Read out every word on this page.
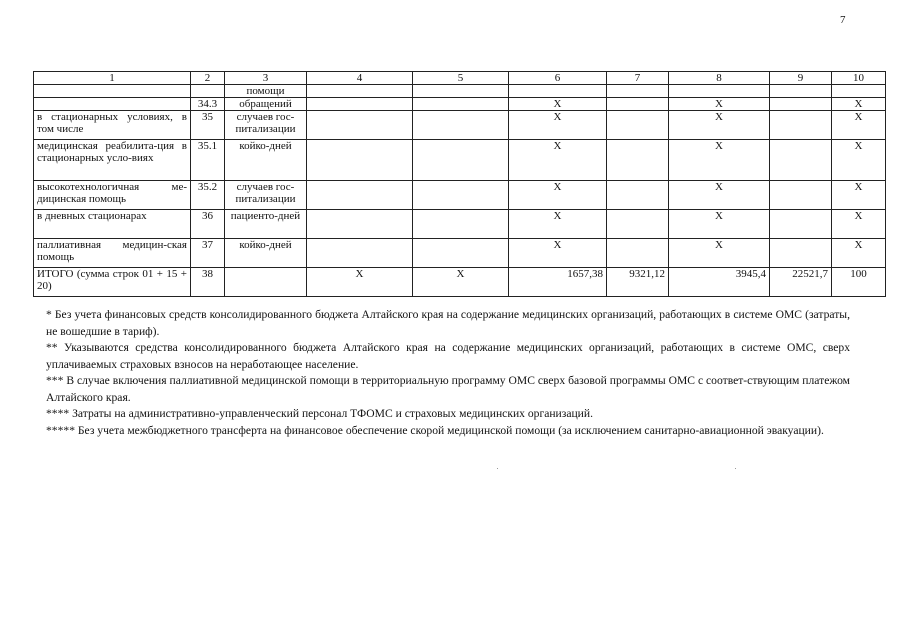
7
1	2	3	4	5	6	7	8	9	10
		помощи							
	34.3	обращений			X		X		X
в стационарных условиях, в том числе	35	случаев гос-питализации			X		X		X
медицинская реабилита-ция в стационарных усло-виях	35.1	койко-дней			X		X		X
высокотехнологичная ме-дицинская помощь	35.2	случаев гос-питализации			X		X		X
в дневных стационарах	36	пациенто-дней			X		X		X
паллиативная медицин-ская помощь	37	койко-дней			X		X		X
ИТОГО (сумма строк 01 + 15 + 20)	38		X	X	1657,38	9321,12	3945,4	22521,7	100
* Без учета финансовых средств консолидированного бюджета Алтайского края на содержание медицинских организаций, работающих в системе ОМС (затраты, не вошедшие в тариф).
** Указываются средства консолидированного бюджета Алтайского края на содержание медицинских организаций, работающих в системе ОМС, сверх уплачиваемых страховых взносов на неработающее население.
*** В случае включения паллиативной медицинской помощи в территориальную программу ОМС сверх базовой программы ОМС с соответ-ствующим платежом Алтайского края.
**** Затраты на административно-управленческий персонал ТФОМС и страховых медицинских организаций.
***** Без учета межбюджетного трансферта на финансовое обеспечение скорой медицинской помощи (за исключением санитарно-авиационной эвакуации).
